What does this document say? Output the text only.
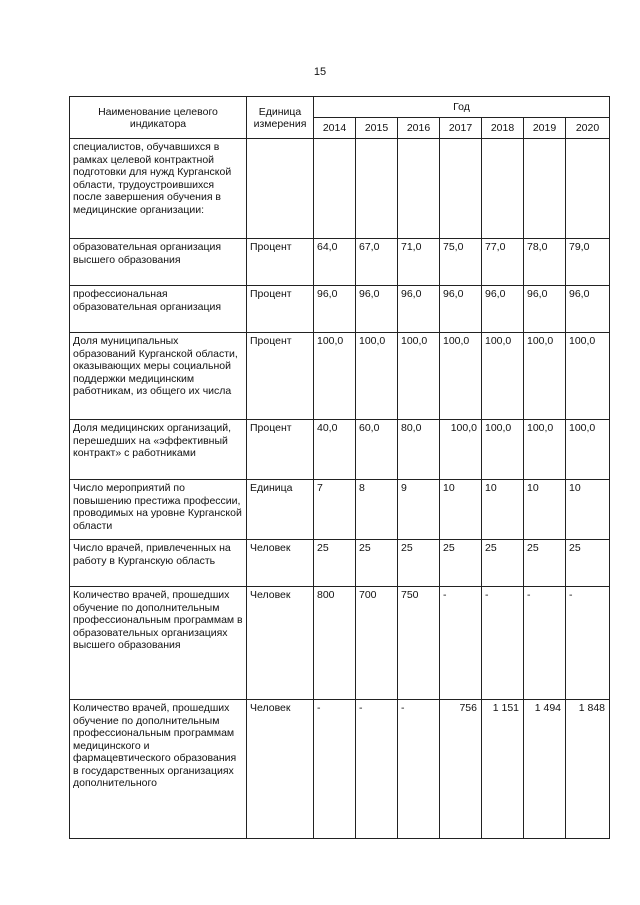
15
Наименование целевого индикатора	Единица измерения	Год						
		2014	2015	2016	2017	2018	2019	2020
специалистов, обучавшихся в рамках целевой контрактной подготовки для нужд Курганской области, трудоустроившихся после завершения обучения в медицинские организации:								
образовательная организация высшего образования	Процент	64,0	67,0	71,0	75,0	77,0	78,0	79,0
профессиональная образовательная организация	Процент	96,0	96,0	96,0	96,0	96,0	96,0	96,0
Доля муниципальных образований Курганской области, оказывающих меры социальной поддержки медицинским работникам, из общего их числа	Процент	100,0	100,0	100,0	100,0	100,0	100,0	100,0
Доля медицинских организаций, перешедших на «эффективный контракт» с работниками	Процент	40,0	60,0	80,0	100,0	100,0	100,0	100,0
Число мероприятий по повышению престижа профессии, проводимых на уровне Курганской области	Единица	7	8	9	10	10	10	10
Число врачей, привлеченных на работу в Курганскую область	Человек	25	25	25	25	25	25	25
Количество врачей, прошедших обучение по дополнительным профессиональным программам в образовательных организациях высшего образования	Человек	800	700	750	-	-	-	-
Количество врачей, прошедших обучение по дополнительным профессиональным программам медицинского и фармацевтического образования в государственных организациях дополнительного	Человек	-	-	-	756	1 151	1 494	1 848
